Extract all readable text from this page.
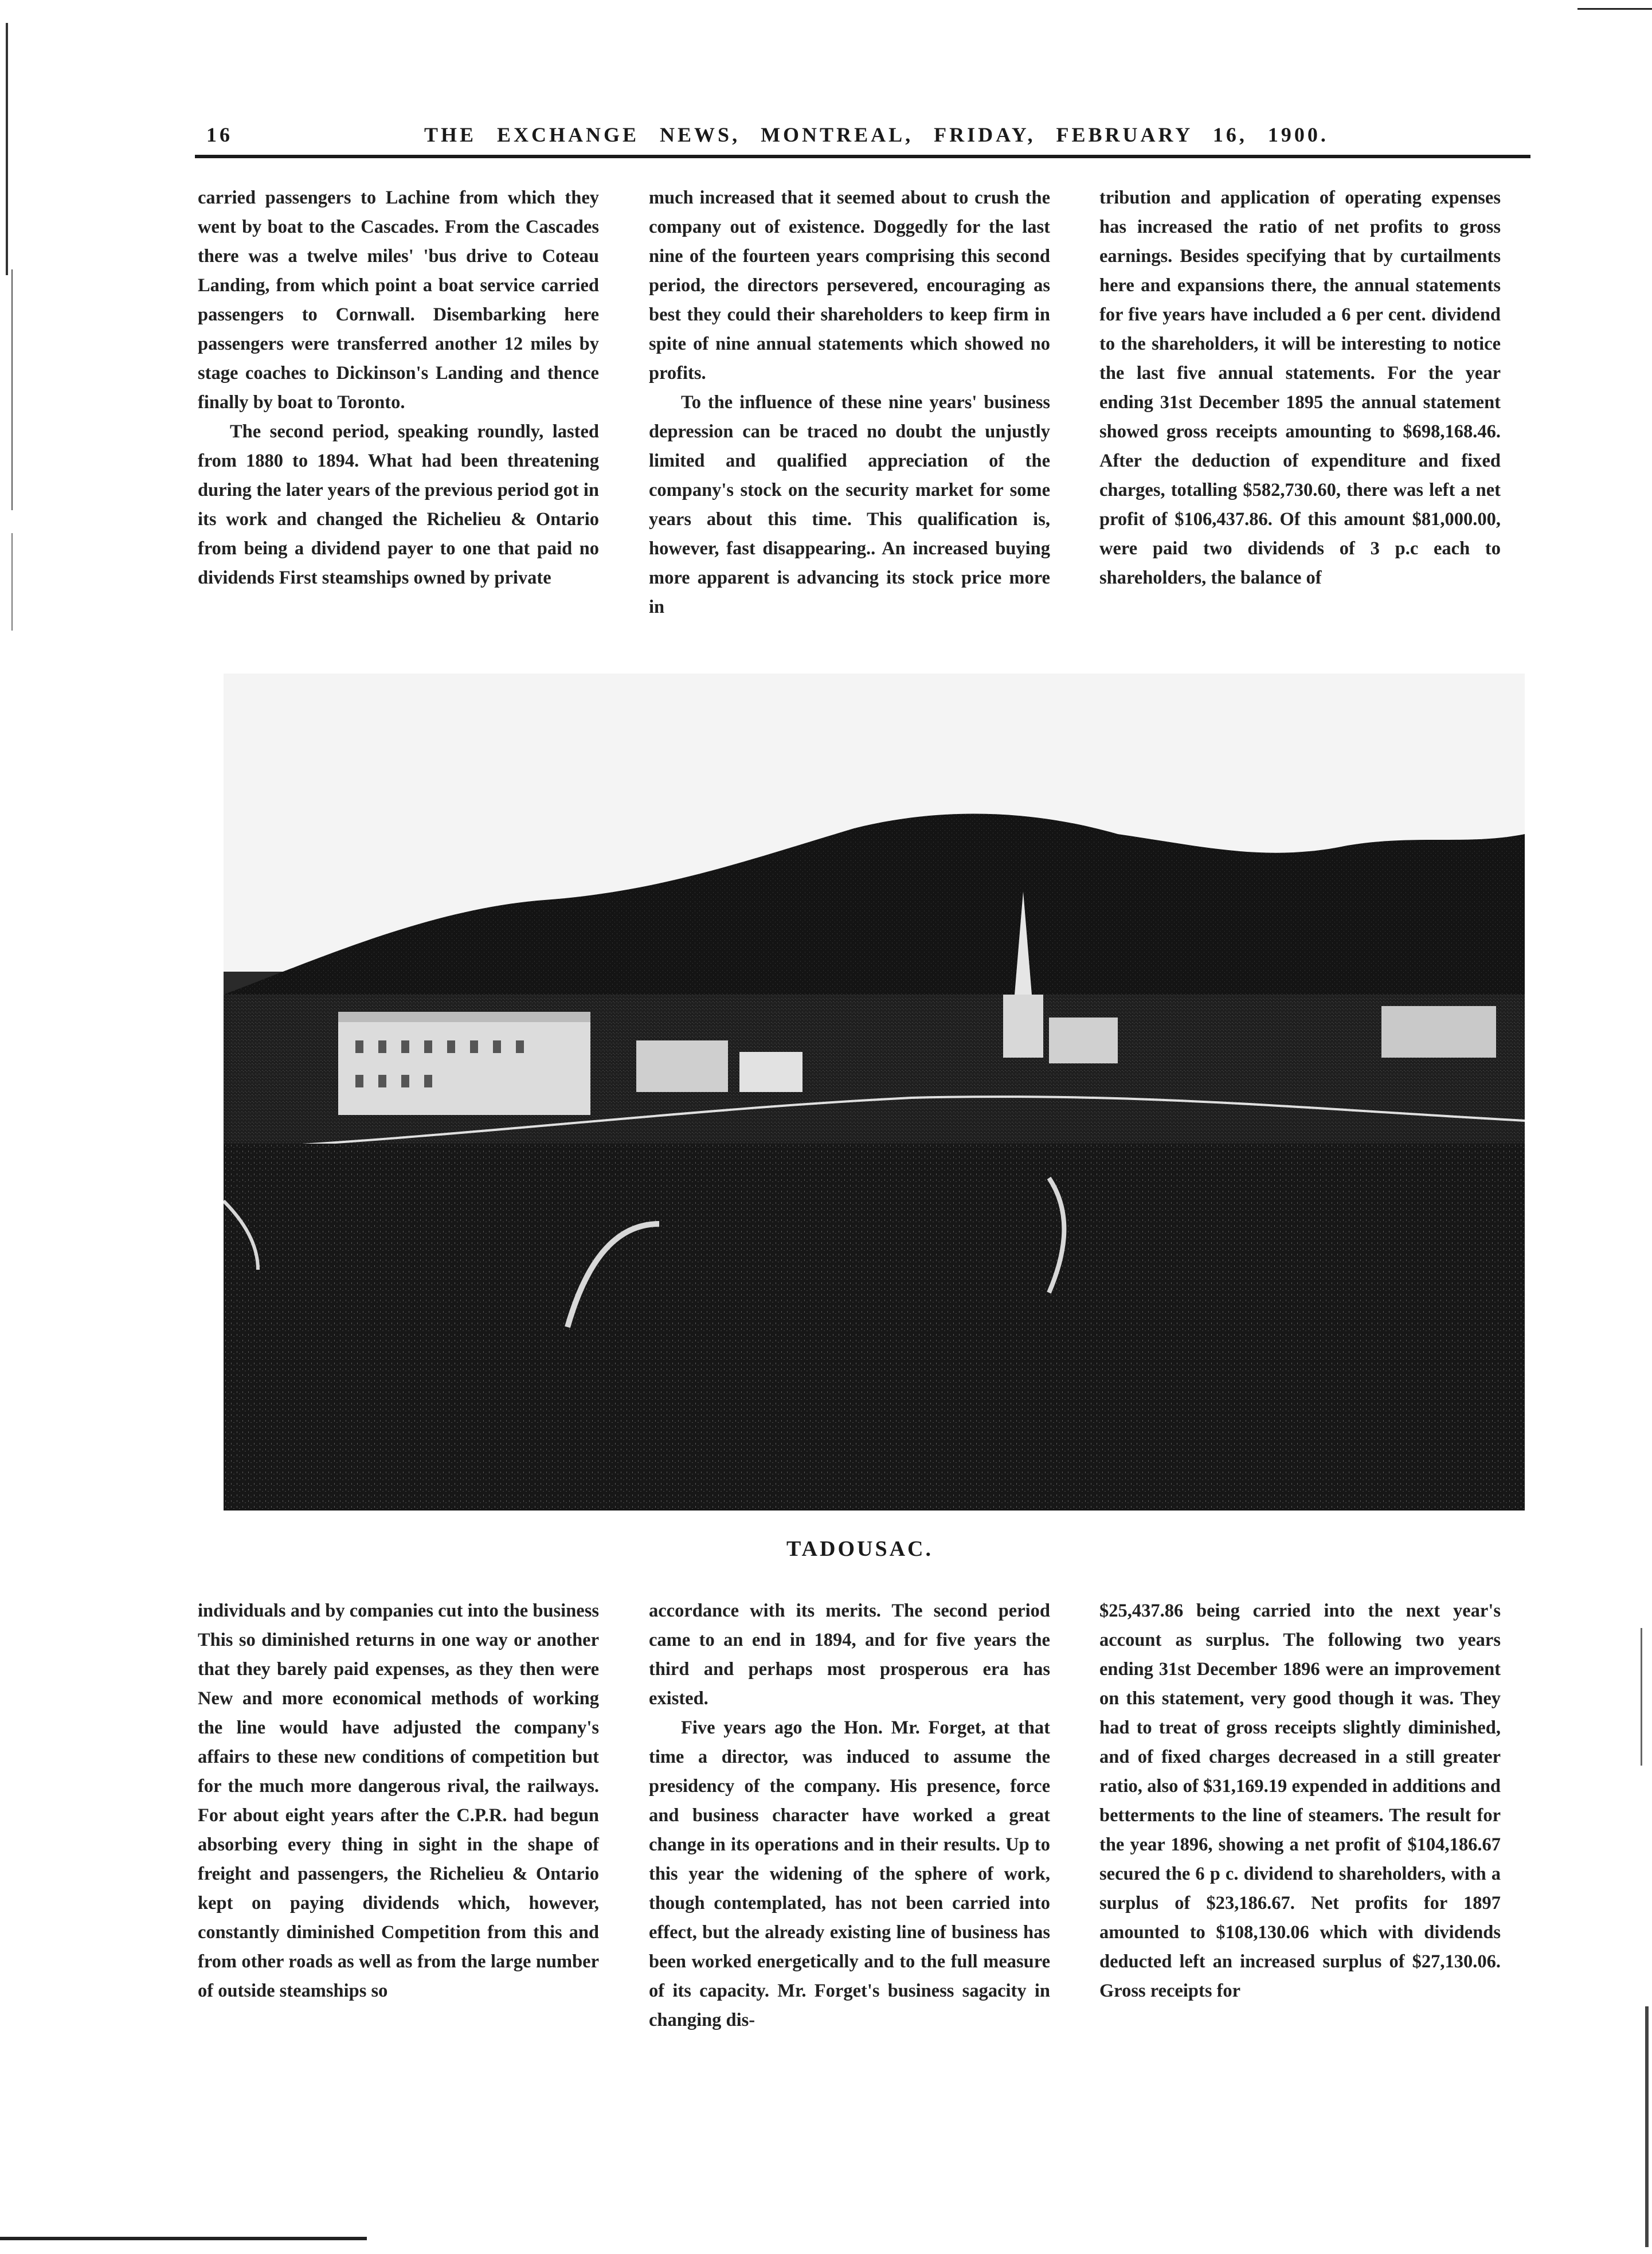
16	THE EXCHANGE NEWS, MONTREAL, FRIDAY, FEBRUARY 16, 1900.

carried passengers to Lachine from which they went by boat to the Cascades. From the Cascades there was a twelve miles' 'bus drive to Coteau Landing, from which point a boat service carried passengers to Cornwall. Disembarking here passengers were transferred another 12 miles by stage coaches to Dickinson's Landing and thence finally by boat to Toronto.

The second period, speaking roundly, lasted from 1880 to 1894. What had been threatening during the later years of the previous period got in its work and changed the Richelieu & Ontario from being a dividend payer to one that paid no dividends First steamships owned by private

much increased that it seemed about to crush the company out of existence. Doggedly for the last nine of the fourteen years comprising this second period, the directors persevered, encouraging as best they could their shareholders to keep firm in spite of nine annual statements which showed no profits.

To the influence of these nine years' business depression can be traced no doubt the unjustly limited and qualified appreciation of the company's stock on the security market for some years about this time. This qualification is, however, fast disappearing.. An increased buying more apparent is advancing its stock price more in

tribution and application of operating expenses has increased the ratio of net profits to gross earnings. Besides specifying that by curtailments here and expansions there, the annual statements for five years have included a 6 per cent. dividend to the shareholders, it will be interesting to notice the last five annual statements. For the year ending 31st December 1895 the annual statement showed gross receipts amounting to $698,168.46. After the deduction of expenditure and fixed charges, totalling $582,730.60, there was left a net profit of $106,437.86. Of this amount $81,000.00, were paid two dividends of 3 p.c each to shareholders, the balance of

TADOUSAC.

individuals and by companies cut into the business This so diminished returns in one way or another that they barely paid expenses, as they then were New and more economical methods of working the line would have adjusted the company's affairs to these new conditions of competition but for the much more dangerous rival, the railways. For about eight years after the C.P.R. had begun absorbing every thing in sight in the shape of freight and passengers, the Richelieu & Ontario kept on paying dividends which, however, constantly diminished Competition from this and from other roads as well as from the large number of outside steamships so

accordance with its merits. The second period came to an end in 1894, and for five years the third and perhaps most prosperous era has existed.

Five years ago the Hon. Mr. Forget, at that time a director, was induced to assume the presidency of the company. His presence, force and business character have worked a great change in its operations and in their results. Up to this year the widening of the sphere of work, though contemplated, has not been carried into effect, but the already existing line of business has been worked energetically and to the full measure of its capacity. Mr. Forget's business sagacity in changing dis-

$25,437.86 being carried into the next year's account as surplus. The following two years ending 31st December 1896 were an improvement on this statement, very good though it was. They had to treat of gross receipts slightly diminished, and of fixed charges decreased in a still greater ratio, also of $31,169.19 expended in additions and betterments to the line of steamers. The result for the year 1896, showing a net profit of $104,186.67 secured the 6 p c. dividend to shareholders, with a surplus of $23,186.67. Net profits for 1897 amounted to $108,130.06 which with dividends deducted left an increased surplus of $27,130.06. Gross receipts for
